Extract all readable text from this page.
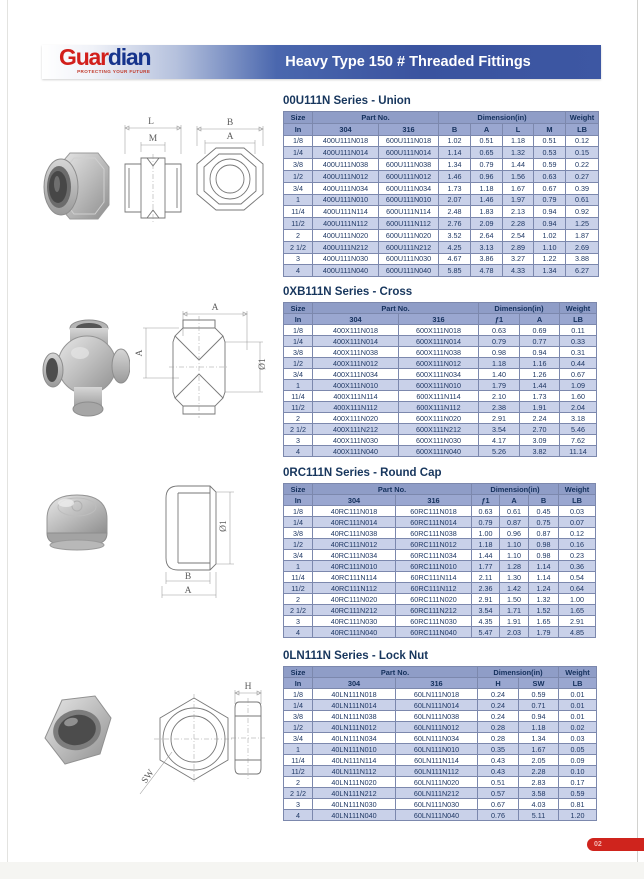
Guardian
PROTECTING YOUR FUTURE
Heavy Type 150 # Threaded Fittings
00U111N Series - Union
Size	Part No.		Dimension(in)				Weight
In	304	316	B	A	L	M	LB
1/8	400U111N018	600U111N018	1.02	0.51	1.18	0.51	0.12
1/4	400U111N014	600U111N014	1.14	0.65	1.32	0.53	0.15
3/8	400U111N038	600U111N038	1.34	0.79	1.44	0.59	0.22
1/2	400U111N012	600U111N012	1.46	0.96	1.56	0.63	0.27
3/4	400U111N034	600U111N034	1.73	1.18	1.67	0.67	0.39
1	400U111N010	600U111N010	2.07	1.46	1.97	0.79	0.61
11/4	400U111N114	600U111N114	2.48	1.83	2.13	0.94	0.92
11/2	400U111N112	600U111N112	2.76	2.09	2.28	0.94	1.25
2	400U111N020	600U111N020	3.52	2.64	2.54	1.02	1.87
2 1/2	400U111N212	600U111N212	4.25	3.13	2.89	1.10	2.69
3	400U111N030	600U111N030	4.67	3.86	3.27	1.22	3.88
4	400U111N040	600U111N040	5.85	4.78	4.33	1.34	6.27
L
M
B
A
0XB111N Series - Cross
Size	Part No.		Dimension(in)		Weight
In	304	316	ƒ1	A	LB
1/8	400X111N018	600X111N018	0.63	0.69	0.11
1/4	400X111N014	600X111N014	0.79	0.77	0.33
3/8	400X111N038	600X111N038	0.98	0.94	0.31
1/2	400X111N012	600X111N012	1.18	1.16	0.44
3/4	400X111N034	600X111N034	1.40	1.26	0.67
1	400X111N010	600X111N010	1.79	1.44	1.09
11/4	400X111N114	600X111N114	2.10	1.73	1.60
11/2	400X111N112	600X111N112	2.38	1.91	2.04
2	400X111N020	600X111N020	2.91	2.24	3.18
2 1/2	400X111N212	600X111N212	3.54	2.70	5.46
3	400X111N030	600X111N030	4.17	3.09	7.62
4	400X111N040	600X111N040	5.26	3.82	11.14
A
A
Ø1
0RC111N Series - Round Cap
Size	Part No.		Dimension(in)			Weight
In	304	316	ƒ1	A	B	LB
1/8	40RC111N018	60RC111N018	0.63	0.61	0.45	0.03
1/4	40RC111N014	60RC111N014	0.79	0.87	0.75	0.07
3/8	40RC111N038	60RC111N038	1.00	0.96	0.87	0.12
1/2	40RC111N012	60RC111N012	1.18	1.10	0.98	0.16
3/4	40RC111N034	60RC111N034	1.44	1.10	0.98	0.23
1	40RC111N010	60RC111N010	1.77	1.28	1.14	0.36
11/4	40RC111N114	60RC111N114	2.11	1.30	1.14	0.54
11/2	40RC111N112	60RC111N112	2.36	1.42	1.24	0.64
2	40RC111N020	60RC111N020	2.91	1.50	1.32	1.00
2 1/2	40RC111N212	60RC111N212	3.54	1.71	1.52	1.65
3	40RC111N030	60RC111N030	4.35	1.91	1.65	2.91
4	40RC111N040	60RC111N040	5.47	2.03	1.79	4.85
Ø1
B
A
0LN111N Series - Lock Nut
Size	Part No.		Dimension(in)		Weight
In	304	316	H	SW	LB
1/8	40LN111N018	60LN111N018	0.24	0.59	0.01
1/4	40LN111N014	60LN111N014	0.24	0.71	0.01
3/8	40LN111N038	60LN111N038	0.24	0.94	0.01
1/2	40LN111N012	60LN111N012	0.28	1.18	0.02
3/4	40LN111N034	60LN111N034	0.28	1.34	0.03
1	40LN111N010	60LN111N010	0.35	1.67	0.05
11/4	40LN111N114	60LN111N114	0.43	2.05	0.09
11/2	40LN111N112	60LN111N112	0.43	2.28	0.10
2	40LN111N020	60LN111N020	0.51	2.83	0.17
2 1/2	40LN111N212	60LN111N212	0.57	3.58	0.59
3	40LN111N030	60LN111N030	0.67	4.03	0.81
4	40LN111N040	60LN111N040	0.76	5.11	1.20
SW
H
02
